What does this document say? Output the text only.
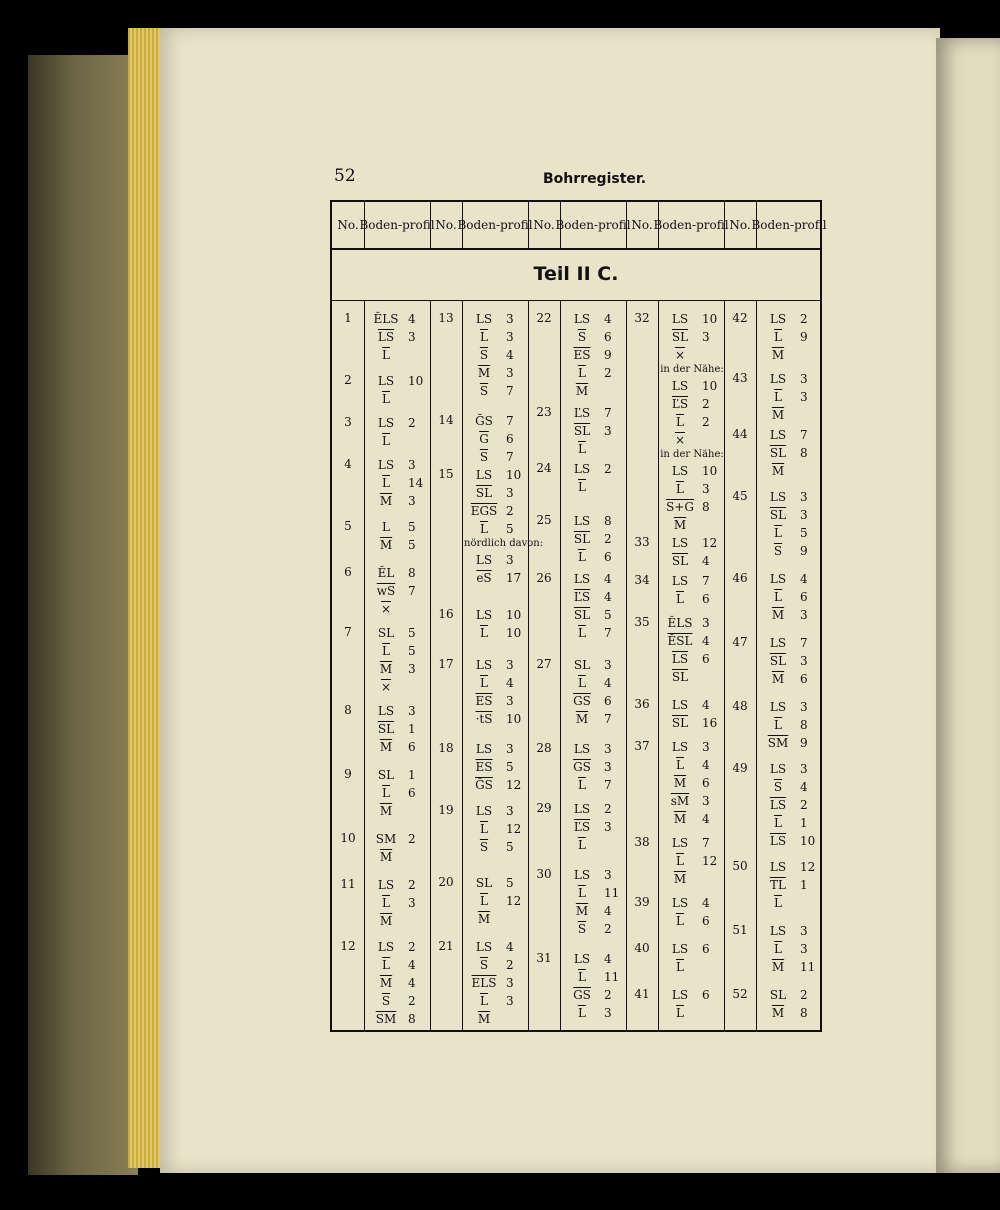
52	Bohrregister.
No. Boden- profil No. Boden- profil No. Boden- profil No. Boden- profil No. Boden- profil
Teil II C.
1	ĔLS 4
$\overline{LS}$	3
$\overline{L}$
2	LS	10
$\overline{L}$
3	LS	2
$\overline{L}$
4	LS	3
$\overline{L}$	14
$\overline{M}$	3
5	L	5
$\overline{M}$	5
6	ĔL	8
$\overline{wS}$	7
×
7	SL	5
$\overline{L}$	5
$\overline{M}$	3
×
8	LS	3
$\overline{SL}$	1
$\overline{M}$	6
9	SL	1
$\overline{L}$	6
$\overline{M}$
10	SM 2
$\overline{M}$
11	LS	2
$\overline{L}$	3
$\overline{M}$
12	LS	2
$\overline{L}$	4
$\overline{M}$	4
$\overline{S}$	2
$\overline{SM}$ 8
13	LS	3
$\overline{L}$	3
$\overline{S}$	4
$\overline{M}$	3
$\overline{S}$	7
14	ĞS	7
$\overline{G}$	6
$\overline{S}$	7
15	LS	10
$\overline{SL}$	3
$\overline{EGS}$ 2
$\overline{L}$	5
nördlich davon:
LS	3
$\overline{eS}$	17
16	LS	10
$\overline{L}$	10
17	LS	3
$\overline{L}$	4
$\overline{ES}$	3
·tS	10
18	LS	3
$\overline{ES}$	5
$\overline{ĞS}$	12
19	LS	3
$\overline{L}$	12
$\overline{S}$	5
20	SL	5
$\overline{L}$	12
$\overline{M}$
21	LS	4
$\overline{S}$	2
$\overline{ELS}$ 3
$\overline{L}$	3
$\overline{M}$
22	LS	4
$\overline{S}$	6
$\overline{ES}$	9
$\overline{L}$	2
$\overline{M}$
23	ĽS	7
$\overline{SL}$	3
$\overline{L}$
24	LS	2
$\overline{L}$
25	LS	8
$\overline{SL}$	2
$\overline{L}$	6
26	LS	4
$\overline{ĽS}$	4
$\overline{SL}$	5
$\overline{L}$	7
27	SL	3
$\overline{L}$	4
$\overline{GS}$	6
$\overline{M}$	7
28	LS	3
$\overline{GS}$	3
$\overline{L}$	7
29	LS	2
$\overline{ĽS}$	3
$\overline{L}$
30	LS	3
$\overline{L}$	11
$\overline{M}$	4
$\overline{S}$	2
31	LS	4
$\overline{L}$	11
$\overline{GS}$	2
$\overline{L}$	3
32	LS	10
$\overline{SL}$	3
×
in der Nähe:
LS	10
$\overline{ĽS}$	2
$\overline{L}$	2
×
in der Nähe:
LS	10
$\overline{L}$	3
S+G 8
$\overline{M}$
33	LS	12
$\overline{SL}$	4
34	LS	7
$\overline{L}$	6
35	ĔLS 3
$\overline{ĔSL}$ 4
$\overline{LS}$	6
$\overline{SL}$
36	LS	4
$\overline{SL}$	16
37	LS	3
$\overline{L}$	4
$\overline{M}$	6
$\overline{sM}$	3
$\overline{M}$	4
38	LS	7
$\overline{L}$	12
$\overline{M}$
39	LS	4
$\overline{L}$	6
40	LS	6
$\overline{L}$
41	LS	6
$\overline{L}$
42	LS	2
$\overline{L}$	9
$\overline{M}$
43	LS	3
$\overline{L}$	3
$\overline{M}$
44	LS	7
$\overline{SL}$	8
$\overline{M}$
45	LS	3
$\overline{SL}$	3
$\overline{L}$	5
$\overline{S}$	9
46	LS	4
$\overline{L}$	6
$\overline{M}$	3
47	LS	7
$\overline{SL}$	3
$\overline{M}$	6
48	LS	3
$\overline{L}$	8
$\overline{SM}$ 9
49	LS	3
$\overline{S}$	4
$\overline{LS}$	2
$\overline{L}$	1
$\overline{LS}$	10
50	LS	12
$\overline{TL}$	1
$\overline{L}$
51	LS	3
$\overline{L}$	3
$\overline{M}$	11
52	SL	2
$\overline{M}$	8
